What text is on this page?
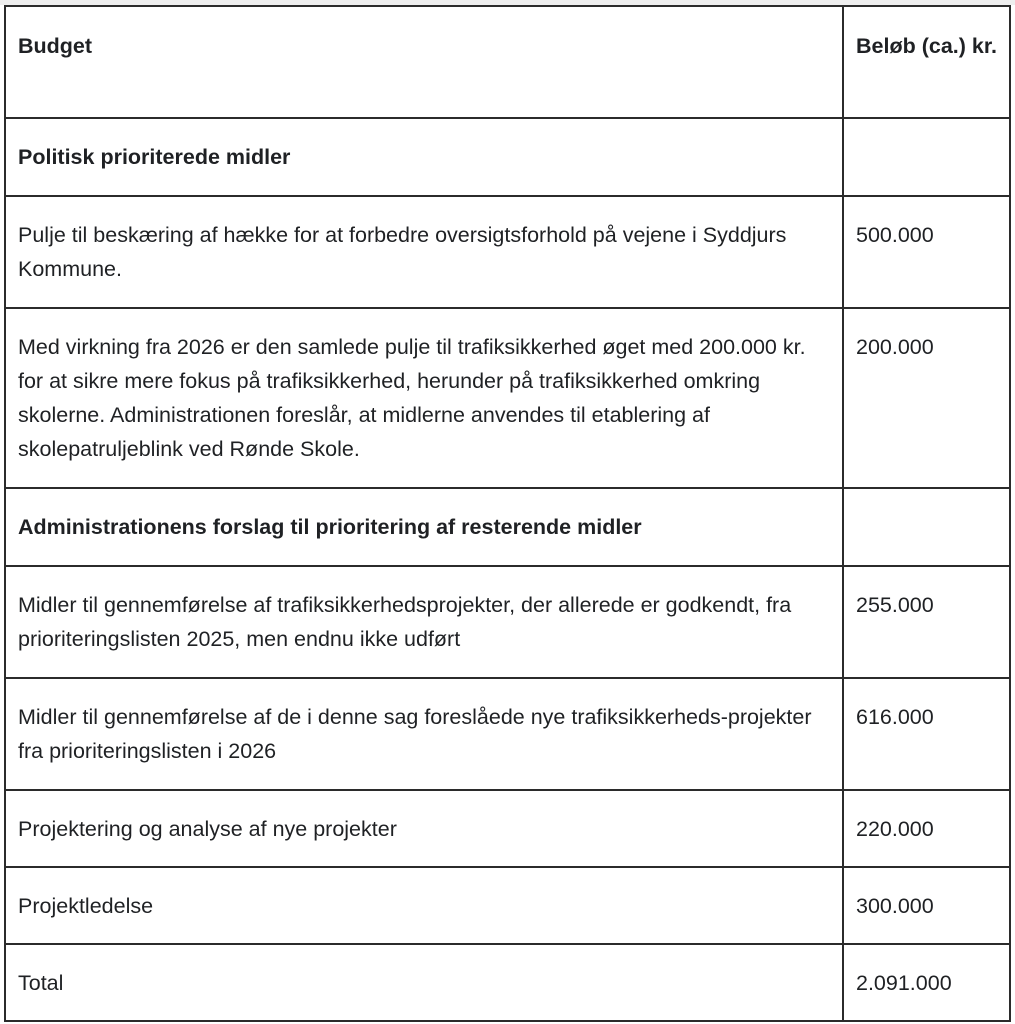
Budget	Beløb (ca.) kr.
Politisk prioriterede midler	
Pulje til beskæring af hække for at forbedre oversigtsforhold på vejene i Syddjurs Kommune.	500.000
Med virkning fra 2026 er den samlede pulje til trafiksikkerhed øget med 200.000 kr. for at sikre mere fokus på trafiksikkerhed, herunder på trafiksikkerhed omkring skolerne. Administrationen foreslår, at midlerne anvendes til etablering af skolepatruljeblink ved Rønde Skole.	200.000
Administrationens forslag til prioritering af resterende midler	
Midler til gennemførelse af trafiksikkerhedsprojekter, der allerede er godkendt, fra prioriteringslisten 2025, men endnu ikke udført	255.000
Midler til gennemførelse af de i denne sag foreslåede nye trafiksikkerheds-projekter fra prioriteringslisten i 2026	616.000
Projektering og analyse af nye projekter	220.000
Projektledelse	300.000
Total	2.091.000
